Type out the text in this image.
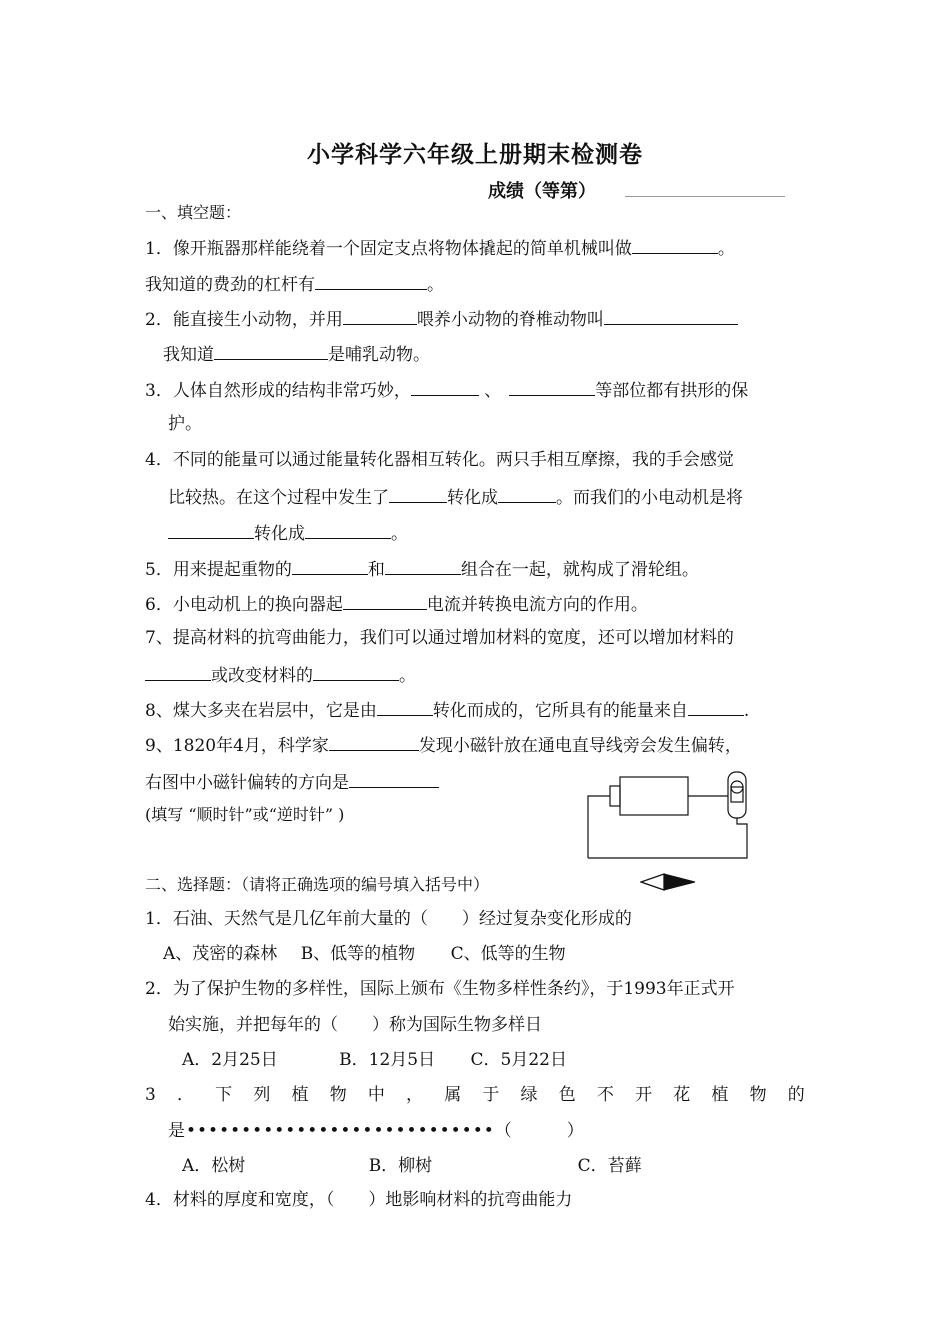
小学科学六年级上册期末检测卷
成绩（等第）
一、填空题：
1．像开瓶器那样能绕着一个固定支点将物体撬起的简单机械叫做	。
我知道的费劲的杠杆有	。
2．能直接生小动物，并用	喂养小动物的脊椎动物叫
我知道	是哺乳动物。
3．人体自然形成的结构非常巧妙，	、	等部位都有拱形的保
护。
4．不同的能量可以通过能量转化器相互转化。两只手相互摩擦，我的手会感觉
比较热。在这个过程中发生了	转化成	。而我们的小电动机是将
转化成	。
5．用来提起重物的	和	组合在一起，就构成了滑轮组。
6．小电动机上的换向器起	电流并转换电流方向的作用。
7、提高材料的抗弯曲能力，我们可以通过增加材料的宽度，还可以增加材料的
或改变材料的	。
8、煤大多夹在岩层中，它是由	转化而成的，它所具有的能量来自	.
9、1820年4月，科学家	发现小磁针放在通电直导线旁会发生偏转，
右图中小磁针偏转的方向是
(填写 “顺时针”或“逆时针” )
二、选择题：（请将正确选项的编号填入括号中）
1．石油、天然气是几亿年前大量的（　　）经过复杂变化形成的
A、茂密的森林 B、低等的植物 C、低等的生物
2．为了保护生物的多样性，国际上颁布《生物多样性条约》，于1993年正式开
始实施，并把每年的（　　）称为国际生物多样日
A．2月25日	B．12月5日 C．5月22日
3 ． 下 列 植 物 中 ， 属 于 绿 色 不 开 花 植 物 的
是••••••••••••••••••••••••••••（　　　）
A．松树	B．柳树	C．苔藓
4．材料的厚度和宽度，（　　）地影响材料的抗弯曲能力
